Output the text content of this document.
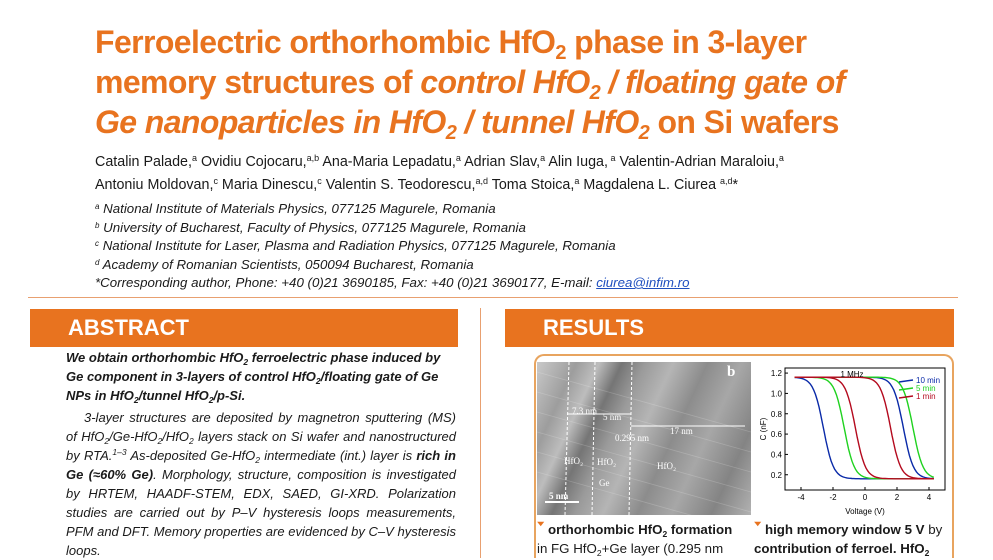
Ferroelectric orthorhombic HfO$_2$ phase in 3-layer
memory structures of control HfO$_2$ / floating gate of
Ge nanoparticles in HfO$_2$ / tunnel HfO$_2$ on Si wafers
Catalin Palade,$^a$ Ovidiu Cojocaru,$^{a,b}$ Ana-Maria Lepadatu,$^a$ Adrian Slav,$^a$ Alin Iuga, $^a$ Valentin-Adrian Maraloiu,$^a$
Antoniu Moldovan,$^c$ Maria Dinescu,$^c$ Valentin S. Teodorescu,$^{a,d}$ Toma Stoica,$^a$ Magdalena L. Ciurea $^{a,d}$*
$^a$ National Institute of Materials Physics, 077125 Magurele, Romania
$^b$ University of Bucharest, Faculty of Physics, 077125 Magurele, Romania
$^c$ National Institute for Laser, Plasma and Radiation Physics, 077125 Magurele, Romania
$^d$ Academy of Romanian Scientists, 050094 Bucharest, Romania
*Corresponding author, Phone: +40 (0)21 3690185, Fax: +40 (0)21 3690177, E-mail: ciurea@infim.ro
ABSTRACT
We obtain orthorhombic HfO$_2$ ferroelectric phase induced by Ge component in 3-layers of control HfO$_2$/floating gate of Ge NPs in HfO$_2$/tunnel HfO$_2$/p-Si.
3-layer structures are deposited by magnetron sputtering (MS) of HfO$_2$/Ge-HfO$_2$/HfO$_2$ layers stack on Si wafer and nanostructured by RTA.$^{1-3}$ As-deposited Ge-HfO$_2$ intermediate (int.) layer is rich in Ge (≈60% Ge). Morphology, structure, composition is investigated by HRTEM, HAADF-STEM, EDX, SAED, GI-XRD. Polarization studies are carried out by P–V hysteresis loops measurements, PFM and DFT. Memory properties are evidenced by C–V hysteresis loops.
RESULTS
b
7.3 nm
5 nm
17 nm
0.295 nm
HfO₂ HfO₂
Ge
HfO₂
5 nm	-4	-2	0	2	4
0.2
0.4
0.6
0.8
1.0
1.2	1 MHz
Voltage (V)
C (nF)
10 min
5 min
1 min
🢓 orthorhombic HfO$_2$ formation
in FG HfO$_2$+Ge layer (0.295 nm
🢓 high memory window 5 V by
contribution of ferroel. HfO$_2$
